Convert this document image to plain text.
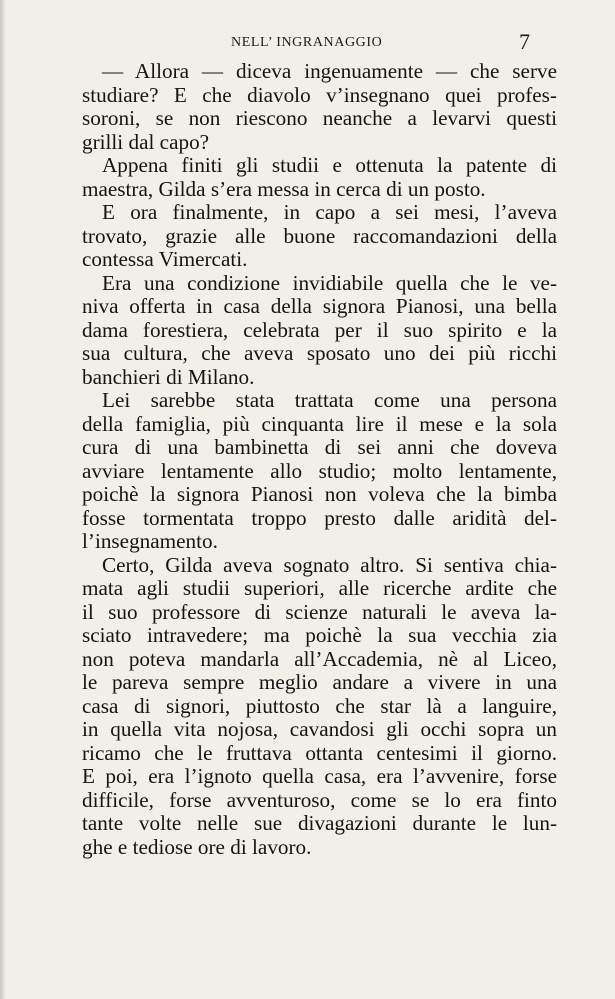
NELL’ INGRANAGGIO	7
— Allora — diceva ingenuamente — che serve
studiare? E che diavolo v’insegnano quei profes-
soroni, se non riescono neanche a levarvi questi
grilli dal capo?
Appena finiti gli studii e ottenuta la patente di
maestra, Gilda s’era messa in cerca di un posto.
E ora finalmente, in capo a sei mesi, l’aveva
trovato, grazie alle buone raccomandazioni della
contessa Vimercati.
Era una condizione invidiabile quella che le ve-
niva offerta in casa della signora Pianosi, una bella
dama forestiera, celebrata per il suo spirito e la
sua cultura, che aveva sposato uno dei più ricchi
banchieri di Milano.
Lei sarebbe stata trattata come una persona
della famiglia, più cinquanta lire il mese e la sola
cura di una bambinetta di sei anni che doveva
avviare lentamente allo studio; molto lentamente,
poichè la signora Pianosi non voleva che la bimba
fosse tormentata troppo presto dalle aridità del-
l’insegnamento.
Certo, Gilda aveva sognato altro. Si sentiva chia-
mata agli studii superiori, alle ricerche ardite che
il suo professore di scienze naturali le aveva la-
sciato intravedere; ma poichè la sua vecchia zia
non poteva mandarla all’Accademia, nè al Liceo,
le pareva sempre meglio andare a vivere in una
casa di signori, piuttosto che star là a languire,
in quella vita nojosa, cavandosi gli occhi sopra un
ricamo che le fruttava ottanta centesimi il giorno.
E poi, era l’ignoto quella casa, era l’avvenire, forse
difficile, forse avventuroso, come se lo era finto
tante volte nelle sue divagazioni durante le lun-
ghe e tediose ore di lavoro.
